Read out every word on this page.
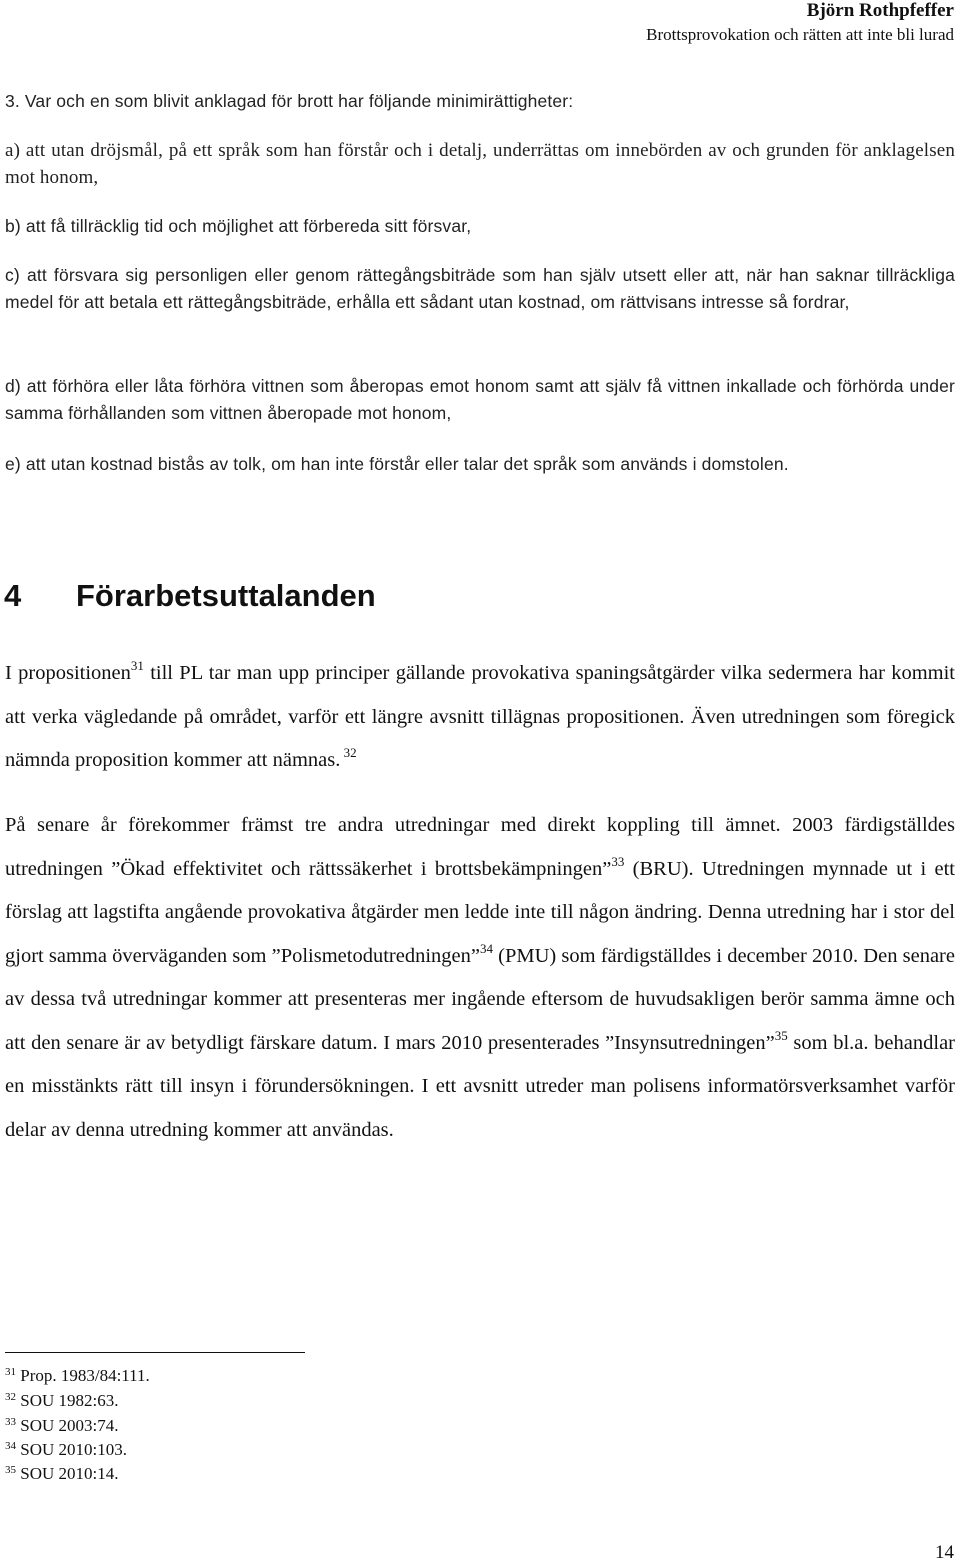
Björn Rothpfeffer
Brottsprovokation och rätten att inte bli lurad
3. Var och en som blivit anklagad för brott har följande minimirättigheter:
a) att utan dröjsmål, på ett språk som han förstår och i detalj, underrättas om innebörden av och grunden för anklagelsen mot honom,
b) att få tillräcklig tid och möjlighet att förbereda sitt försvar,
c) att försvara sig personligen eller genom rättegångsbiträde som han själv utsett eller att, när han saknar tillräckliga medel för att betala ett rättegångsbiträde, erhålla ett sådant utan kostnad, om rättvisans intresse så fordrar,
d) att förhöra eller låta förhöra vittnen som åberopas emot honom samt att själv få vittnen inkallade och förhörda under samma förhållanden som vittnen åberopade mot honom,
e) att utan kostnad bistås av tolk, om han inte förstår eller talar det språk som används i domstolen.
4 Förarbetsuttalanden
I propositionen$^{31}$ till PL tar man upp principer gällande provokativa spaningsåtgärder vilka sedermera har kommit att verka vägledande på området, varför ett längre avsnitt tillägnas propositionen. Även utredningen som föregick nämnda proposition kommer att nämnas. $^{32}$
På senare år förekommer främst tre andra utredningar med direkt koppling till ämnet. 2003 färdigställdes utredningen ”Ökad effektivitet och rättssäkerhet i brottsbekämpningen”$^{33}$ (BRU). Utredningen mynnade ut i ett förslag att lagstifta angående provokativa åtgärder men ledde inte till någon ändring. Denna utredning har i stor del gjort samma överväganden som ”Polismetodutredningen”$^{34}$ (PMU) som färdigställdes i december 2010. Den senare av dessa två utredningar kommer att presenteras mer ingående eftersom de huvudsakligen berör samma ämne och att den senare är av betydligt färskare datum. I mars 2010 presenterades ”Insynsutredningen”$^{35}$ som bl.a. behandlar en misstänkts rätt till insyn i förundersökningen. I ett avsnitt utreder man polisens informatörsverksamhet varför delar av denna utredning kommer att användas.
$^{31}$ Prop. 1983/84:111.
$^{32}$ SOU 1982:63.
$^{33}$ SOU 2003:74.
$^{34}$ SOU 2010:103.
$^{35}$ SOU 2010:14.
14
